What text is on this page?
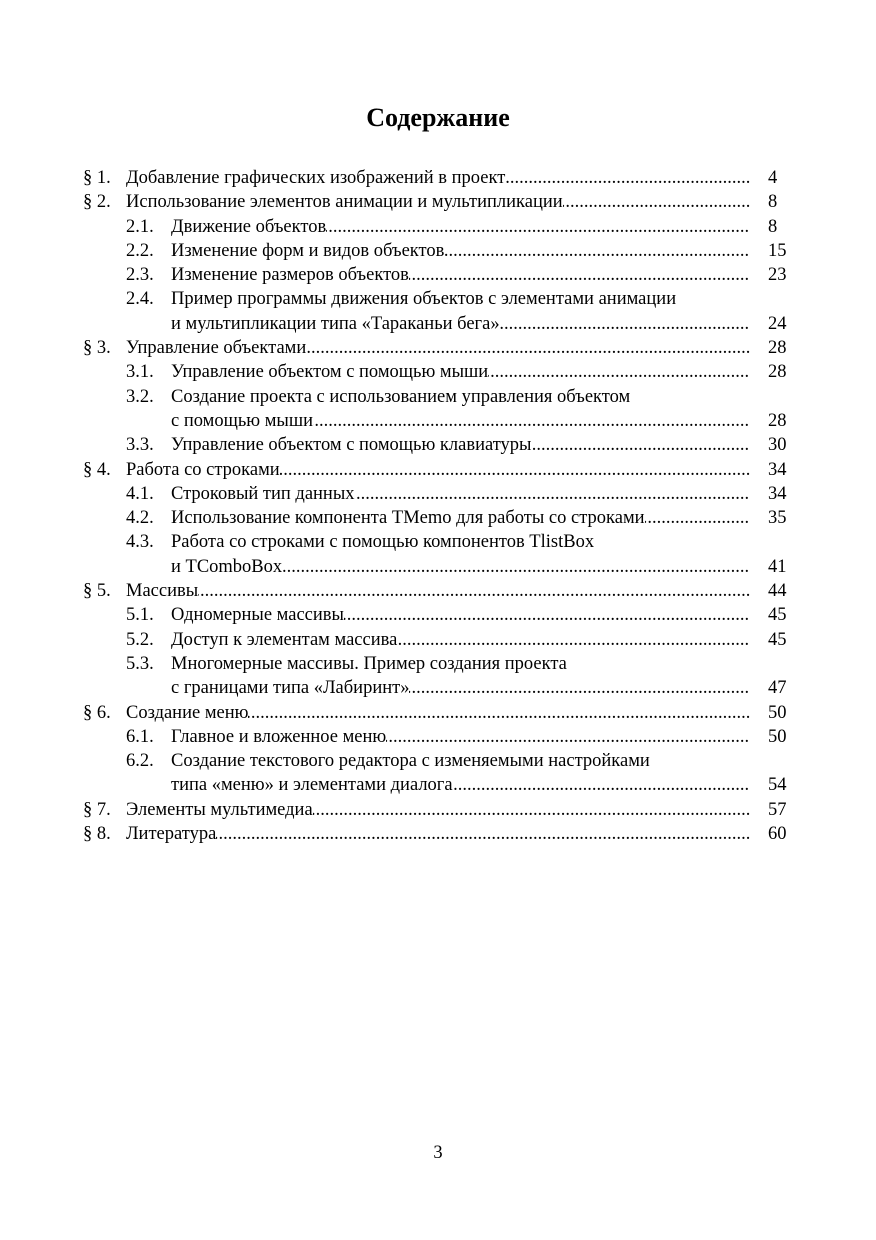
Содержание
§ 1. Добавление графических изображений в проект .....	4
§ 2. Использование элементов анимации и мультипликации .....	8
2.1. Движение объектов .....	8
2.2. Изменение форм и видов объектов .....	15
2.3. Изменение размеров объектов .....	23
2.4. Пример программы движения объектов с элементами анимации
и мультипликации типа «Тараканьи бега» .....	24
§ 3. Управление объектами .....	28
3.1. Управление объектом с помощью мыши .....	28
3.2. Создание проекта с использованием управления объектом
с помощью мыши .....	28
3.3. Управление объектом с помощью клавиатуры .....	30
§ 4. Работа со строками .....	34
4.1. Строковый тип данных .....	34
4.2. Использование компонента TMemo для работы со строками .....	35
4.3. Работа со строками с помощью компонентов TlistBox
и TComboBox .....	41
§ 5. Массивы .....	44
5.1. Одномерные массивы .....	45
5.2. Доступ к элементам массива .....	45
5.3. Многомерные массивы. Пример создания проекта
с границами типа «Лабиринт» .....	47
§ 6. Создание меню .....	50
6.1. Главное и вложенное меню .....	50
6.2. Создание текстового редактора с изменяемыми настройками
типа «меню» и элементами диалога .....	54
§ 7. Элементы мультимедиа .....	57
§ 8. Литература .....	60
3
